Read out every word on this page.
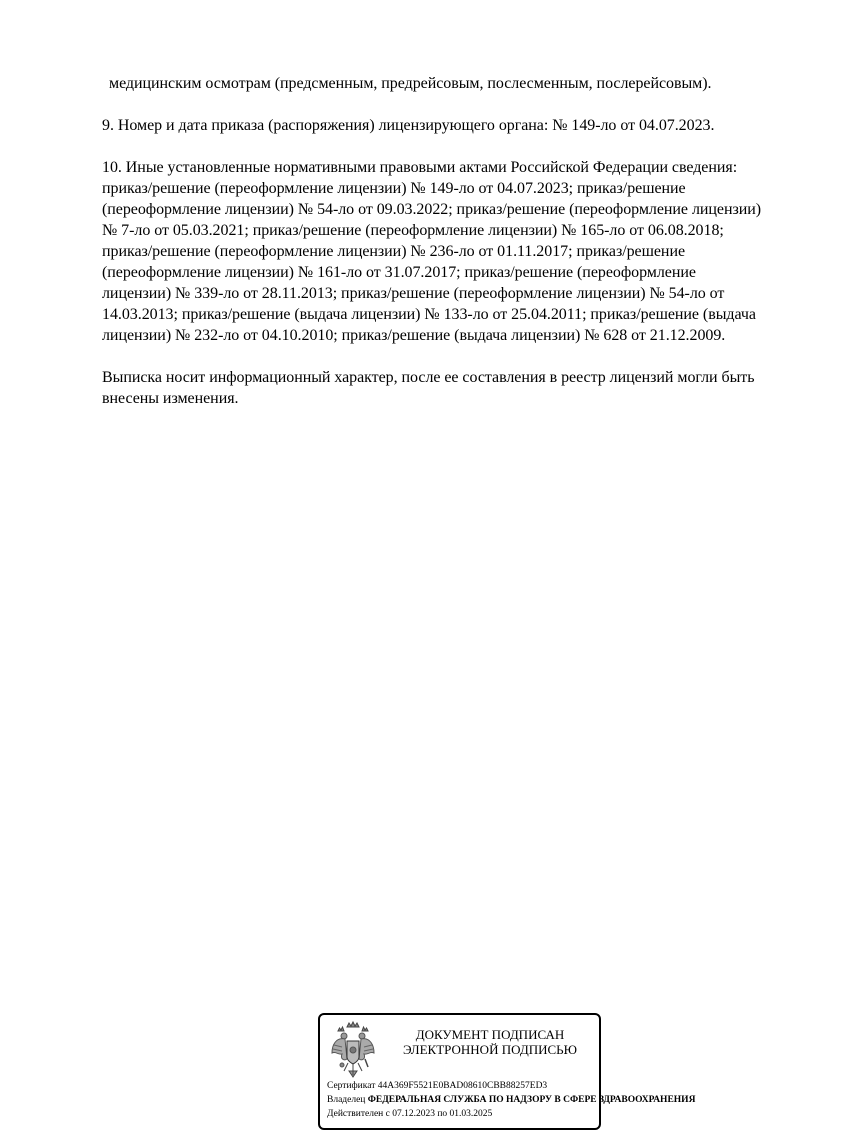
медицинским осмотрам (предсменным, предрейсовым, послесменным, послерейсовым).
9. Номер и дата приказа (распоряжения) лицензирующего органа: № 149-ло от 04.07.2023.
10. Иные установленные нормативными правовыми актами Российской Федерации сведения:
приказ/решение (переоформление лицензии) № 149-ло от 04.07.2023; приказ/решение
(переоформление лицензии) № 54-ло от 09.03.2022; приказ/решение (переоформление лицензии)
№ 7-ло от 05.03.2021; приказ/решение (переоформление лицензии) № 165-ло от 06.08.2018;
приказ/решение (переоформление лицензии) № 236-ло от 01.11.2017; приказ/решение
(переоформление лицензии) № 161-ло от 31.07.2017; приказ/решение (переоформление
лицензии) № 339-ло от 28.11.2013; приказ/решение (переоформление лицензии) № 54-ло от
14.03.2013; приказ/решение (выдача лицензии) № 133-ло от 25.04.2011; приказ/решение (выдача
лицензии) № 232-ло от 04.10.2010; приказ/решение (выдача лицензии) № 628 от 21.12.2009.
Выписка носит информационный характер, после ее составления в реестр лицензий могли быть
внесены изменения.
ДОКУМЕНТ ПОДПИСАН
ЭЛЕКТРОННОЙ ПОДПИСЬЮ
Сертификат 44A369F5521E0BAD08610CBB88257ED3
Владелец ФЕДЕРАЛЬНАЯ СЛУЖБА ПО НАДЗОРУ В СФЕРЕ ЗДРАВООХРАНЕНИЯ
Действителен с 07.12.2023 по 01.03.2025
